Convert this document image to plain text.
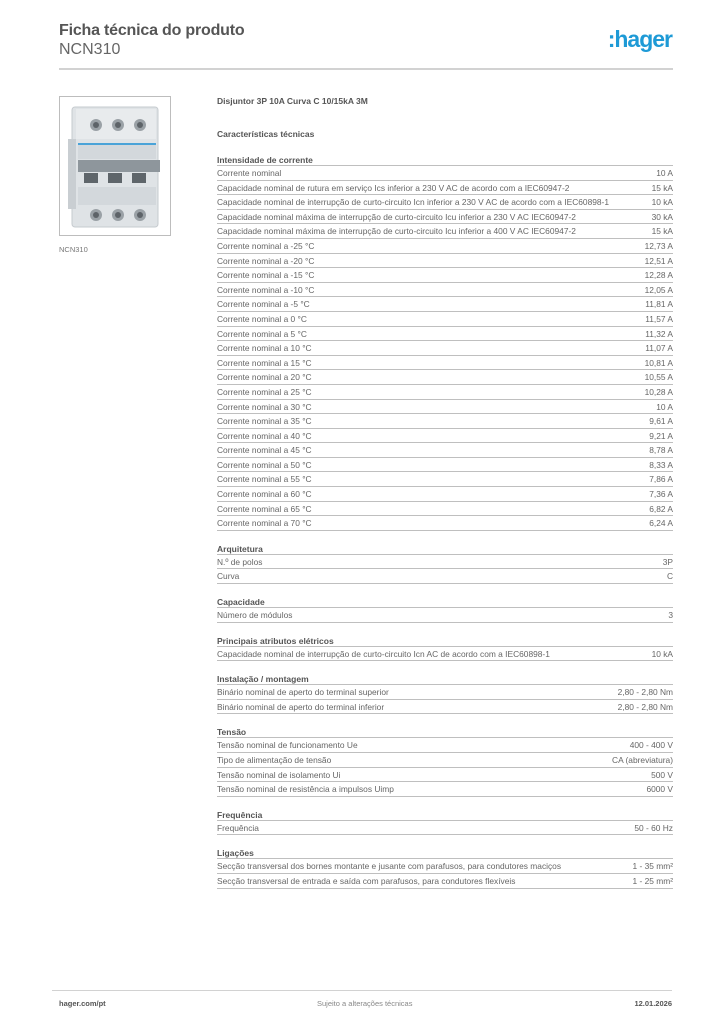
Ficha técnica do produto
NCN310	:hager
NCN310
Disjuntor 3P 10A Curva C 10/15kA 3M
Características técnicas
Intensidade de corrente
Corrente nominal	10 A
Capacidade nominal de rutura em serviço Ics inferior a 230 V AC de acordo com a IEC60947-2	15 kA
Capacidade nominal de interrupção de curto-circuito Icn inferior a 230 V AC de acordo com a IEC60898-1	10 kA
Capacidade nominal máxima de interrupção de curto-circuito Icu inferior a 230 V AC IEC60947-2	30 kA
Capacidade nominal máxima de interrupção de curto-circuito Icu inferior a 400 V AC IEC60947-2	15 kA
Corrente nominal a -25 °C	12,73 A
Corrente nominal a -20 °C	12,51 A
Corrente nominal a -15 °C	12,28 A
Corrente nominal a -10 °C	12,05 A
Corrente nominal a -5 °C	11,81 A
Corrente nominal a 0 °C	11,57 A
Corrente nominal a 5 °C	11,32 A
Corrente nominal a 10 °C	11,07 A
Corrente nominal a 15 °C	10,81 A
Corrente nominal a 20 °C	10,55 A
Corrente nominal a 25 °C	10,28 A
Corrente nominal a 30 °C	10 A
Corrente nominal a 35 °C	9,61 A
Corrente nominal a 40 °C	9,21 A
Corrente nominal a 45 °C	8,78 A
Corrente nominal a 50 °C	8,33 A
Corrente nominal a 55 °C	7,86 A
Corrente nominal a 60 °C	7,36 A
Corrente nominal a 65 °C	6,82 A
Corrente nominal a 70 °C	6,24 A
Arquitetura
N.º de polos	3P
Curva	C
Capacidade
Número de módulos	3
Principais atributos elétricos
Capacidade nominal de interrupção de curto-circuito Icn AC de acordo com a IEC60898-1	10 kA
Instalação / montagem
Binário nominal de aperto do terminal superior	2,80 - 2,80 Nm
Binário nominal de aperto do terminal inferior	2,80 - 2,80 Nm
Tensão
Tensão nominal de funcionamento Ue	400 - 400 V
Tipo de alimentação de tensão	CA (abreviatura)
Tensão nominal de isolamento Ui	500 V
Tensão nominal de resistência a impulsos Uimp	6000 V
Frequência
Frequência	50 - 60 Hz
Ligações
Secção transversal dos bornes montante e jusante com parafusos, para condutores maciços	1 - 35 mm²
Secção transversal de entrada e saída com parafusos, para condutores flexíveis	1 - 25 mm²
hager.com/pt	Sujeito a alterações técnicas	12.01.2026
